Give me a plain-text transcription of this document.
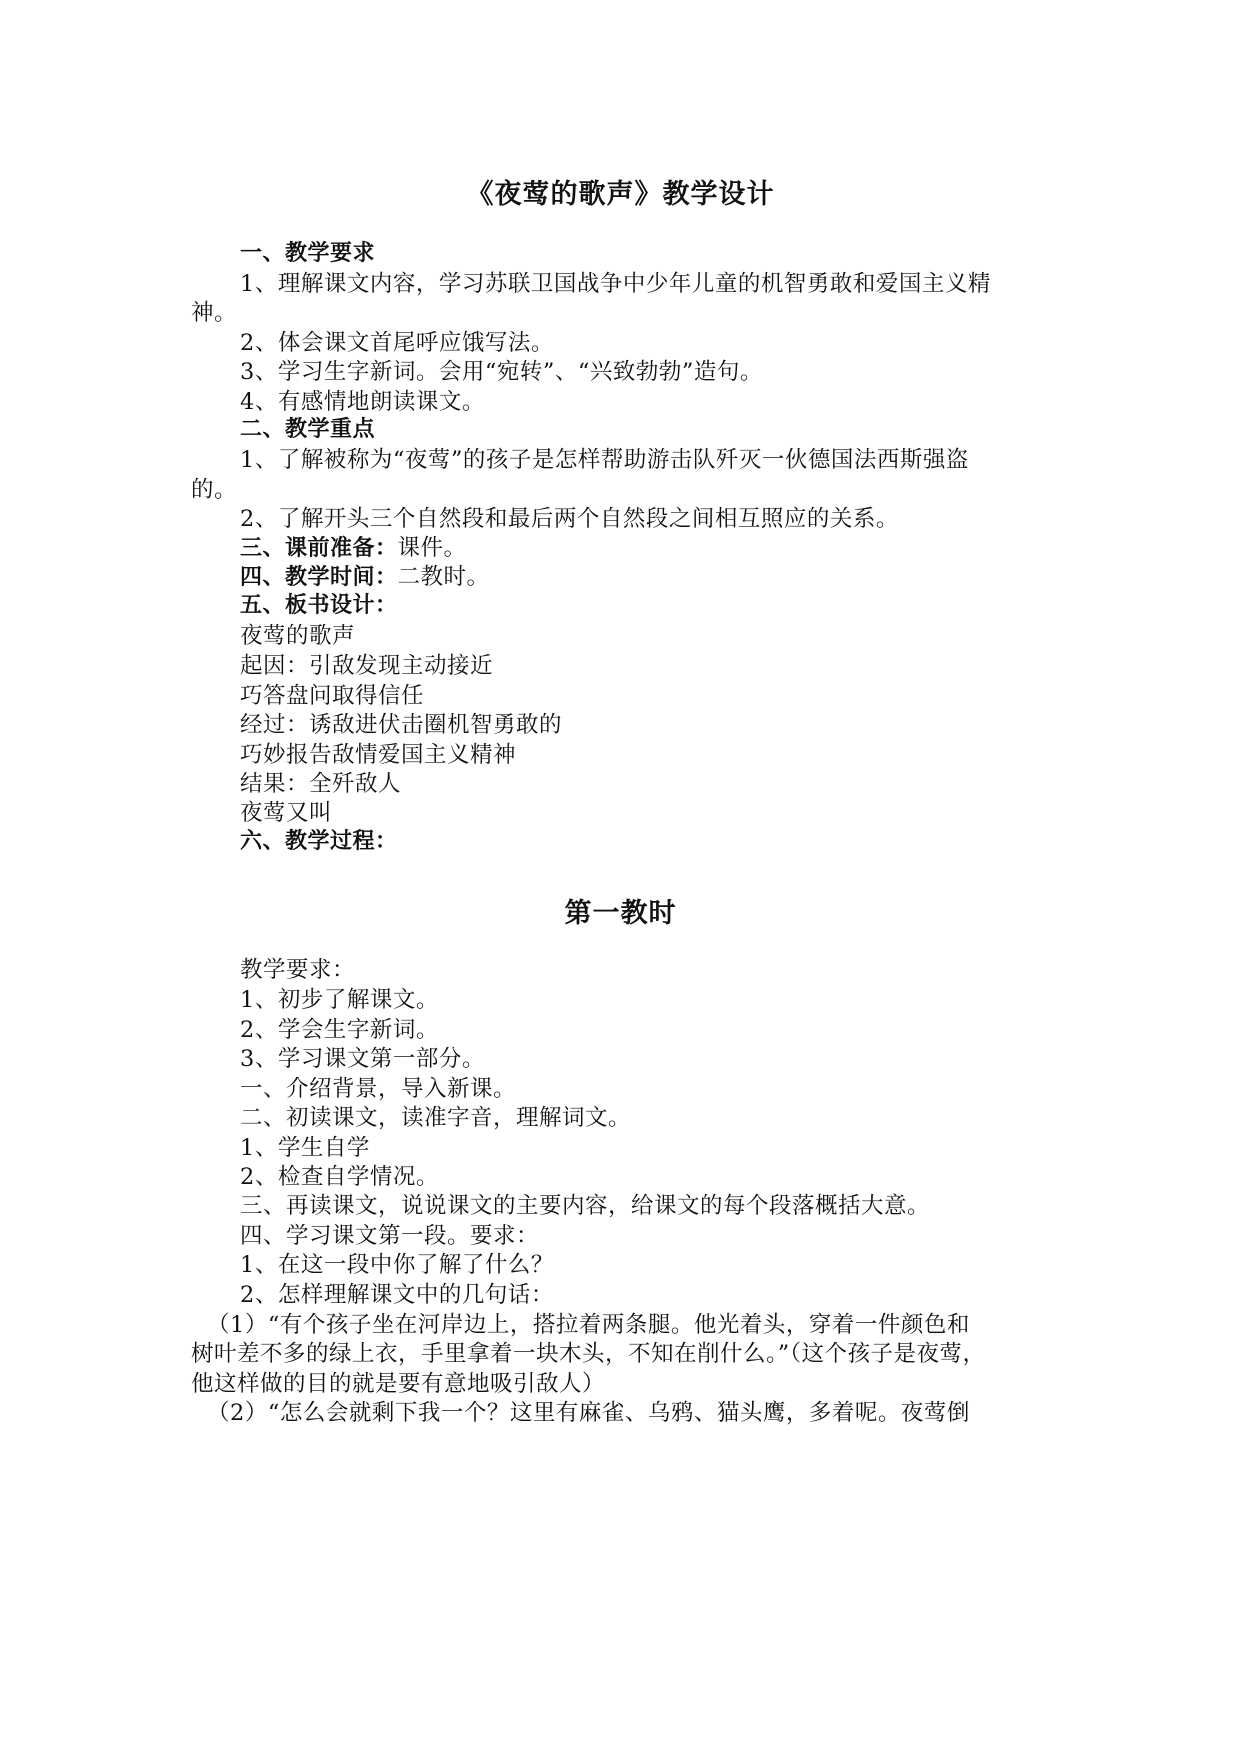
《夜莺的歌声》教学设计
一、教学要求
1、理解课文内容，学习苏联卫国战争中少年儿童的机智勇敢和爱国主义精
神。
2、体会课文首尾呼应饿写法。
3、学习生字新词。会用“宛转”、“兴致勃勃”造句。
4、有感情地朗读课文。
二、教学重点
1、了解被称为“夜莺”的孩子是怎样帮助游击队歼灭一伙德国法西斯强盗
的。
2、了解开头三个自然段和最后两个自然段之间相互照应的关系。
三、课前准备：课件。
四、教学时间：二教时。
五、板书设计：
夜莺的歌声
起因：引敌发现主动接近
巧答盘问取得信任
经过：诱敌进伏击圈机智勇敢的
巧妙报告敌情爱国主义精神
结果：全歼敌人
夜莺又叫
六、教学过程：
第一教时
教学要求：
1、初步了解课文。
2、学会生字新词。
3、学习课文第一部分。
一、介绍背景，导入新课。
二、初读课文，读准字音，理解词文。
1、学生自学
2、检查自学情况。
三、再读课文，说说课文的主要内容，给课文的每个段落概括大意。
四、学习课文第一段。要求：
1、在这一段中你了解了什么？
2、怎样理解课文中的几句话：
（1）“有个孩子坐在河岸边上，搭拉着两条腿。他光着头，穿着一件颜色和
树叶差不多的绿上衣，手里拿着一块木头，不知在削什么。”（这个孩子是夜莺，
他这样做的目的就是要有意地吸引敌人）
（2）“怎么会就剩下我一个？这里有麻雀、乌鸦、猫头鹰，多着呢。夜莺倒
